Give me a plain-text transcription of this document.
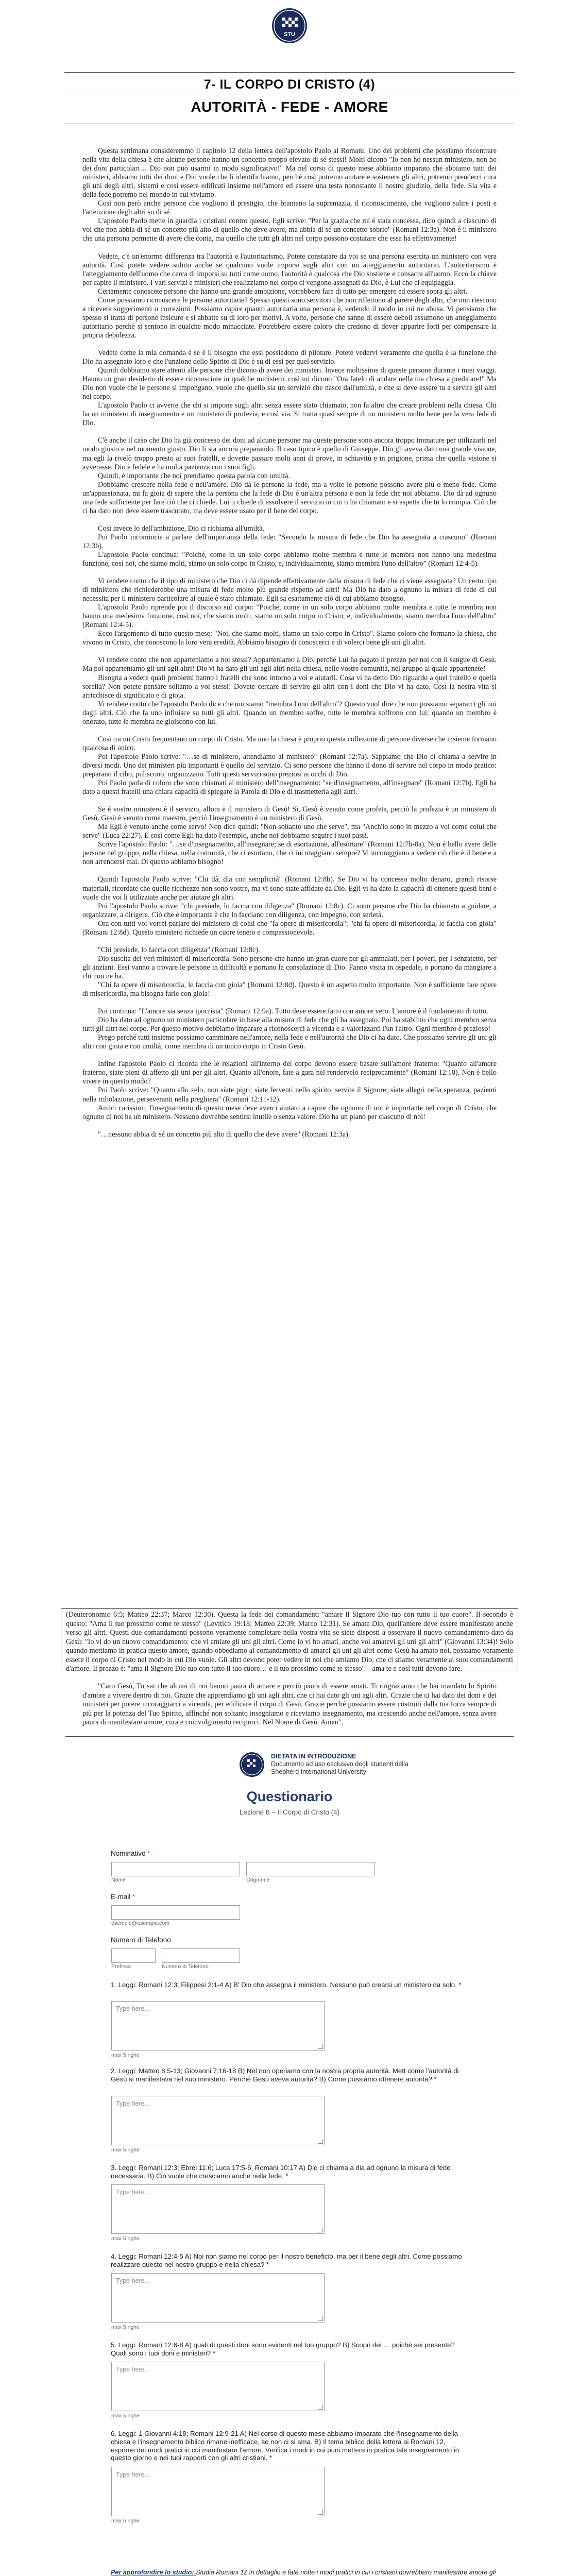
STU
7- IL CORPO DI CRISTO (4)
AUTORITÀ - FEDE - AMORE

Questa settimana consideremmo il capitolo 12 della lettera dell'apostolo Paolo ai Romani. Uno dei problemi che possiamo riscontrare nella vita della chiesa è che alcune persone hanno un concetto troppo elevato di sé stessi! Molti dicono "Io non ho nessun ministero, non ho dei doni particolari… Dio non può usarmi in modo significativo!" Ma nel corso di questo mese abbiamo imparato che abbiamo tutti dei ministeri, abbiamo tutti dei doni e Dio vuole che li identifichiamo, perché così potremo aiutare e sostenere gli altri, potremo prenderci cura gli uni degli altri, sistemi e così essere edificati insieme nell'amore ed essere una testa nonostante il nostro giudizio, della fede. Sia vita e della fede potremo nel mondo in cui viviamo.

Così non però anche persone che vogliono il prestigio, che bramano la supremazia, il riconoscimento, che vogliono salire i posti e l'attenzione degli altri su di sé.

L'apostolo Paolo mette in guardia i cristiani contro questo. Egli scrive: "Per la grazia che mi è stata concessa, dico quindi a ciascuno di voi che non abbia di sé un concetto più alto di quello che deve avere, ma abbia di sé un concetto sobrio" (Romani 12:3a). Non è il ministero che una persona permette di avere che conta, ma quello che tutti gli altri nel corpo possono costatare che essa ha effettivamente!

Vedete, c'è un'enorme differenza tra l'autorità e l'autoritarismo. Potete constatare da voi se una persona esercita un ministero con vera autorità. Così potete vedere subito anche se qualcuno vuole imporsi sugli altri con un atteggiamento autoritario. L'autoritarismo è l'atteggiamento dell'uomo che cerca di imporsi su tutti come uomo, l'autorità è qualcosa che Dio sostiene e consacra all'uomo. Ecco la chiave per capire il ministero. I vari servizi e ministeri che realizziamo nel corpo ci vengono assegnati da Dio, è Lui che ci equipaggia.

Certamente conoscete persone che hanno una grande ambizione, vorrebbero fare di tutto per emergere ed essere sopra gli altri.

Come possiamo riconoscere le persone autoritarie? Spesso questi sono servitori che non riflettono al parere degli altri, che non riescono a ricevere suggerimenti o correzioni. Possiamo capire quanto autoritaria una persona è, vedendo il modo in cui ne abusa. Vi pensiamo che spesso si tratta di persone insicure e si abbatte su di loro per motivi. A volte, persone che sanno di essere deboli assumono un atteggiamento autoritario perché si sentono in qualche modo minacciate. Potrebbero essere coloro che credono di dover apparire forti per compensare la propria debolezza.

Vedete come la mia domanda è se è il bisogno che essi possiedono di pilotare. Potete vedervi veramente che quella è la funzione che Dio ha assegnato loro e che l'unzione dello Spirito di Dio è su di essi per quel servizio.

Quindi dobbiamo stare attenti alle persone che dicono di avere dei ministeri. Invece moltissime di queste persone durante i miei viaggi. Hanno un gran desiderio di essere riconosciute in qualche ministero, così mi dicono "Ora fatelo di andare nella tua chiesa a predicare!" Ma Dio non vuole che le persone si impongano, vuole che quello sia un servizio che nasce dall'umiltà, e che si deve essere tu a servire gli altri nel corpo.

L'apostolo Paolo ci avverte che chi si impone sugli altri senza essere stato chiamato, non fa altro che creare problemi nella chiesa. Chi ha un ministero di insegnamento e un ministero di profezia, e così via. Si tratta quasi sempre di un ministero molto bene per la vera fede di Dio.

C'è anche il caso che Dio ha già concesso dei doni ad alcune persone ma queste persone sono ancora troppo immature per utilizzarli nel modo giusto e nel momento giusto. Dio li sta ancora preparando. Il caso tipico è quello di Giuseppe. Dio gli aveva dato una grande visione, ma egli la rivelò troppo presto ai suoi fratelli, e dovette passare molti anni di prove, in schiavitù e in prigione, prima che quella visione si avverasse. Dio è fedele e ha molta pazienza con i suoi figli.

Quindi, è importante che noi prendiamo questa parola con umiltà.

Dobbiamo crescere nella fede e nell'amore. Dio dà le persone la fede, ma a volte le persone possono avere più o meno fede. Come un'appassionata, mi fa gioia di sapere che la persona che la fede di Dio è un'altra persona e non la fede che noi abbiamo. Dio dà ad ognuno una fede sufficiente per fare ciò che ci chiede. Lui ti chiede di assolvere il servizio in cui ti ha chiamato e si aspetta che tu lo compia. Ciò che ci ha dato non deve essere trascurato, ma deve essere usato per il bene del corpo.

Così invece lo dell'ambizione, Dio ci richiama all'umiltà.

Poi Paolo incomincia a parlare dell'importanza della fede: "Secondo la misura di fede che Dio ha assegnata a ciascuno" (Romani 12:3b).

L'apostolo Paolo continua: "Poiché, come in un solo corpo abbiamo molte membra e tutte le membra non hanno una medesima funzione, così noi, che siamo molti, siamo un solo corpo in Cristo, e, individualmente, siamo membra l'uno dell'altro" (Romani 12:4-5).

Vi rendete conto che il tipo di ministero che Dio ci dà dipende effettivamente dalla misura di fede che ci viene assegnata? Un certo tipo di ministero che richiederebbe una misura di fede molto più grande rispetto ad altri! Ma Dio ha dato a ognuno la misura di fede di cui necessita per il ministero particolare al quale è stato chiamato. Egli sa esattamente ciò di cui abbiamo bisogno.

L'apostolo Paolo riprende poi il discorso sul corpo: "Poiché, come in un solo corpo abbiamo molte membra e tutte le membra non hanno una medesima funzione, così noi, che siamo molti, siamo un solo corpo in Cristo, e, individualmente, siamo membra l'uno dell'altro" (Romani 12:4-5).

Ecco l'argomento di tutto questo mese: "Noi, che siamo molti, siamo un solo corpo in Cristo". Siamo coloro che formano la chiesa, che vivono in Cristo, che conoscono la loro vera eredità. Abbiamo bisogno di conoscerci e di volerci bene gli uni gli altri.

Vi rendete conto che non apparteniamo a noi stessi? Apparteniamo a Dio, perché Lui ha pagato il prezzo per noi con il sangue di Gesù. Ma poi apparteniamo gli uni agli altri! Dio vi ha dato gli uni agli altri nella chiesa, nelle vostre comunità, nel gruppo al quale appartenete!

Bisogna a vedere quali problemi hanno i fratelli che sono intorno a voi e aiutarli. Cosa vi ha detto Dio riguardo a quel fratello o quella sorella? Non potete pensare soltanto a voi stessi! Dovete cercare di servire gli altri con i doni che Dio vi ha dato. Così la nostra vita si arricchisce di significato e di gioia.

Vi rendete conto che l'apostolo Paolo dice che noi siamo "membra l'uno dell'altro"? Questo vuol dire che non possiamo separarci gli uni dagli altri. Ciò che fa uno influisce su tutti gli altri. Quando un membro soffre, tutte le membra soffrono con lui; quando un membro è onorato, tutte le membra ne gioiscono con lui.

Così tra un Cristo frequentano un corpo di Cristo. Ma uno la chiesa è proprio questa collezione di persone diverse che insieme formano qualcosa di unico.

Poi l'apostolo Paolo scrive: "…se di ministero, attendiamo al ministero" (Romani 12:7a). Sappiamo che Dio ci chiama a servire in diversi modi. Uno dei ministeri più importanti è quello del servizio. Ci sono persone che hanno il dono di servire nel corpo in modo pratico: preparano il cibo, puliscono, organizzano. Tutti questi servizi sono preziosi ai occhi di Dio.

Poi Paolo parla di coloro che sono chiamati al ministero dell'insegnamento: "se d'insegnamento, all'insegnare" (Romani 12:7b). Egli ha dato a questi fratelli una chiara capacità di spiegare la Parola di Dio e di trasmetterla agli altri.

Se è vostro ministero è il servizio, allora è il ministero di Gesù! Si, Gesù è venuto come profeta, perciò la profezia è un ministero di Gesù. Gesù è venuto come maestro, perciò l'insegnamento è un ministero di Gesù.

Ma Egli è venuto anche come servo! Non dice quindi: "Non soltanto uno che serve", ma "Anch'io sono in mezzo a voi come colui che serve" (Luca 22:27). E così come Egli ha dato l'esempio, anche noi dobbiamo seguire i suoi passi.

Scrive l'apostolo Paolo: "…se d'insegnamento, all'insegnare; se di esortazione, all'esortare" (Romani 12:7b-8a). Non è bello avere delle persone nel gruppo, nella chiesa, nella comunità, che ci esortano, che ci incoraggiano sempre? Vi incoraggiano a vedere ciò che è il bene e a non arrendersi mai. Di questo abbiamo bisogno!

Quindi l'apostolo Paolo scrive: "Chi dà, dia con semplicità" (Romani 12:8b). Se Dio vi ha concesso molto denaro, grandi risorse materiali, ricordate che quelle ricchezze non sono vostre, ma vi sono state affidate da Dio. Egli vi ha dato la capacità di ottenere questi beni e vuole che voi li utilizziate anche per aiutare gli altri.

Poi l'apostolo Paolo scrive: "chi presiede, lo faccia con diligenza" (Romani 12:8c). Ci sono persone che Dio ha chiamato a guidare, a organizzare, a dirigere. Ciò che è importante è che lo facciano con diligenza, con impegno, con serietà.

Ora con tutti voi vorrei parlare del ministero di colui che "fa opere di misericordia": "chi fa opere di misericordia, le faccia con gioia" (Romani 12:8d). Questo ministero richiede un cuore tenero e compassionevole.

"Chi presiede, lo faccia con diligenza" (Romani 12:8c).

Dio suscita dei veri ministeri di misericordia. Sono persone che hanno un gran cuore per gli ammalati, per i poveri, per i senzatetto, per gli anziani. Essi vanno a trovare le persone in difficoltà e portano la consolazione di Dio. Fanno visita in ospedale, o portano da mangiare a chi non ne ha.

"Chi fa opere di misericordia, le faccia con gioia" (Romani 12:8d). Questo è un aspetto molto importante. Non è sufficiente fare opere di misericordia, ma bisogna farle con gioia!

Poi continua: "L'amore sia senza ipocrisia" (Romani 12:9a). Tutto deve essere fatto con amore vero. L'amore è il fondamento di tutto.

Dio ha dato ad ognuno un ministero particolare in base alla misura di fede che gli ha assegnato. Poi ha stabilito che ogni membro serva tutti gli altri nel corpo. Per questo motivo dobbiamo imparare a riconoscerci a vicenda e a valorizzarci l'un l'altro. Ogni membro è prezioso!

Prego perché tutti insieme possiamo camminare nell'amore, nella fede e nell'autorità che Dio ci ha dato. Che possiamo servire gli uni gli altri con gioia e con umiltà, come membra di un unico corpo in Cristo Gesù.

Infine l'apostolo Paolo ci ricorda che le relazioni all'interno del corpo devono essere basate sull'amore fraterno: "Quanto all'amore fraterno, siate pieni di affetto gli uni per gli altri. Quanto all'onore, fate a gara nel rendervelo reciprocamente" (Romani 12:10). Non è bello vivere in questo modo?

Poi Paolo scrive: "Quanto allo zelo, non siate pigri; siate ferventi nello spirito, servite il Signore; siate allegri nella speranza, pazienti nella tribolazione, perseveranti nella preghiera" (Romani 12:11-12).

Amici carissimi, l'insegnamento di questo mese deve averci aiutato a capire che ognuno di noi è importante nel corpo di Cristo, che ognuno di noi ha un ministero. Nessuno dovrebbe sentirsi inutile o senza valore. Dio ha un piano per ciascuno di noi!

"…nessuno abbia di sé un concetto più alto di quello che deve avere" (Romani 12:3a).

(Deuteronomio 6:5; Matteo 22:37; Marco 12:30). Questa la fede dei comandamenti "amare il Signore Dio tuo con tutto il tuo cuore". Il secondo è questo: "Ama il tuo prossimo come te stesso" (Levitico 19:18; Matteo 22:39; Marco 12:31). Se amate Dio, quell'amore deve essere manifestato anche verso gli altri. Questi due comandamenti possono veramente completare nella vostra vita se siete disposti a osservare il nuovo comandamento dato da Gesù: "Io vi do un nuovo comandamento: che vi amiate gli uni gli altri. Come io vi ho amati, anche voi amatevi gli uni gli altri" (Giovanni 13:34)! Solo quando mettiamo in pratica questo amore, quando obbediamo al comandamento di amarci gli uni gli altri come Gesù ha amato noi, possiamo veramente essere il corpo di Cristo nel modo in cui Dio vuole. Gli altri devono poter vedere in noi che amiamo Dio, che ci stiamo veramente ai suoi comandamenti d'amore. Il prezzo è: "ama il Signore Dio tuo con tutto il tuo cuore… e il tuo prossimo come te stesso" – ama te e così tutti devono fare.

"Caro Gesù, Tu sai che alcuni di noi hanno paura di amare e perciò paura di essere amati. Ti ringraziamo che hai mandato lo Spirito d'amore a vivere dentro di noi. Grazie che apprendiamo gli uni agli altri, che ci hai dato gli uni agli altri. Grazie che ci hai dato dei doni e dei ministeri per potere incoraggiarci a vicenda, per edificare il corpo di Gesù. Grazie perché possiamo essere costruiti dalla tua forza sempre di più per la potenza del Tuo Spirito, affinché non soltanto insegniamo e riceviamo insegnamento, ma crescendo anche nell'amore, senza avere paura di manifestare amore, cura e coinvolgimento reciproci. Nel Nome di Gesù. Amen".

DIETATA IN INTRODUZIONE
Documento ad uso esclusivo degli studenti della
Shepherd International University
Questionario
Lezione 6 – Il Corpo di Cristo (4)
Nominativo *
Nome	Cognome
E-mail *
esempio@esempio.com
Numero di Telefono
Prefisso	Numero di Telefono
1. Leggi: Romani 12:3; Filippesi 2:1-4 A) B' Dio che assegna il ministero. Nessuno può crearsi un ministero da solo. *
Type here...
max 5 righe
2. Leggi: Matteo 8:5-13; Giovanni 7:16-18 B) Nel non operiamo con la nostra propria autorità. Mett come l'autorità di Gesù si manifestava nel suo ministero. Perché Gesù aveva autorità? B) Come possiamo ottenere autorità? *
Type here...
max 5 righe
3. Leggi: Romani 12:3; Ebrei 11:6; Luca 17:5-6; Romani 10:17 A) Dio ci chiama a dia ad ognuno la misura di fede necessaria. B) Ciò vuole che cresciamo anche nella fede. *
Type here...
max 5 righe
4. Leggi: Romani 12:4-5 A) Noi non siamo nel corpo per il nostro beneficio, ma per il bene degli altri. Come possiamo realizzare questo nel nostro gruppo e nella chiesa? *
Type here...
max 5 righe
5. Leggi: Romani 12:6-8 A) quali di questi doni sono evidenti nel tuo gruppo? B) Scopri dei … poiché sei presente? Quali sono i tuoi doni e ministeri? *
Type here...
max 5 righe
6. Leggi: 1 Giovanni 4:18; Romani 12:9-21 A) Nel corso di questo mese abbiamo imparato che l'insegnamento della chiesa e l'insegnamento biblico rimane inefficace, se non ci si ama. B) Il tema biblico della lettera ai Romani 12, esprime dei modi pratici in cui manifestare l'amore. Verifica i modi in cui puoi mettere in pratica tale insegnamento in questo giorno e nei tuoi rapporti con gli altri cristiani. *
Type here...
max 5 righe
Per approfondire lo studio: Studia Romani 12 in dettaglio e fate notte i modi pratici in cui i cristiani dovrebbero manifestare amore gli
